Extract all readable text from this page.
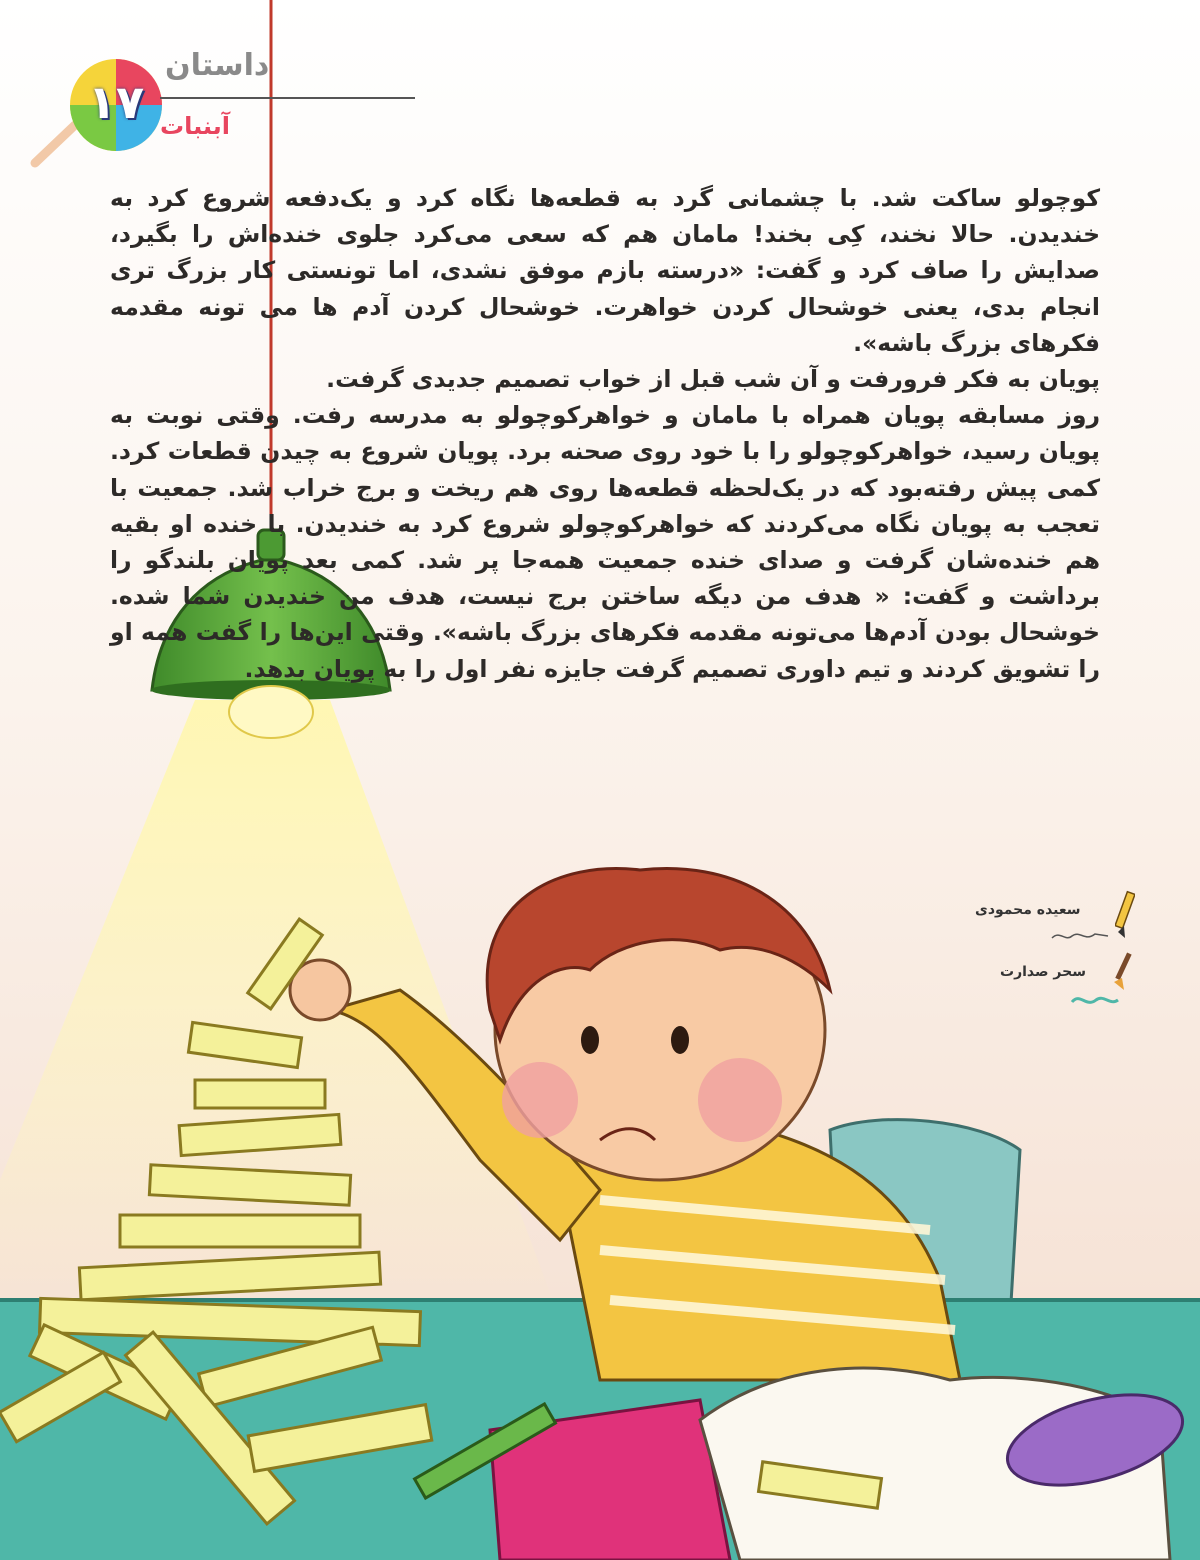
۱۷
داستان
آبنبات

کوچولو ساکت شد. با چشمانی گرد به قطعه‌ها نگاه کرد و یک‌دفعه شروع کرد به خندیدن. حالا نخند، کِی بخند! مامان هم که سعی می‌کرد جلوی خنده‌اش را بگیرد، صدایش را صاف کرد و گفت: «درسته بازم موفق نشدی، اما تونستی کار بزرگ تری انجام بدی، یعنی خوشحال کردن خواهرت. خوشحال کردن آدم ها می تونه مقدمه فکرهای بزرگ باشه».

پویان به فکر فرورفت و آن شب قبل از خواب تصمیم جدیدی گرفت.

روز مسابقه پویان همراه با مامان و خواهرکوچولو به مدرسه رفت. وقتی نوبت به پویان رسید، خواهرکوچولو را با خود روی صحنه برد. پویان شروع به چیدن قطعات کرد. کمی پیش رفته‌بود که در یک‌لحظه قطعه‌ها روی هم ریخت و برج خراب شد. جمعیت با تعجب به پویان نگاه می‌کردند که خواهرکوچولو شروع کرد به خندیدن. با خنده او بقیه هم خنده‌شان گرفت و صدای خنده جمعیت همه‌جا پر شد. کمی بعد پویان بلندگو را برداشت و گفت: « هدف من دیگه ساختن برج نیست، هدف من خندیدن شما شده. خوشحال بودن آدم‌ها می‌تونه مقدمه فکرهای بزرگ باشه». وقتی این‌ها را گفت همه او را تشویق کردند و تیم داوری تصمیم گرفت جایزه نفر اول را به پویان بدهد.

سعیده محمودی
سحر صدارت
